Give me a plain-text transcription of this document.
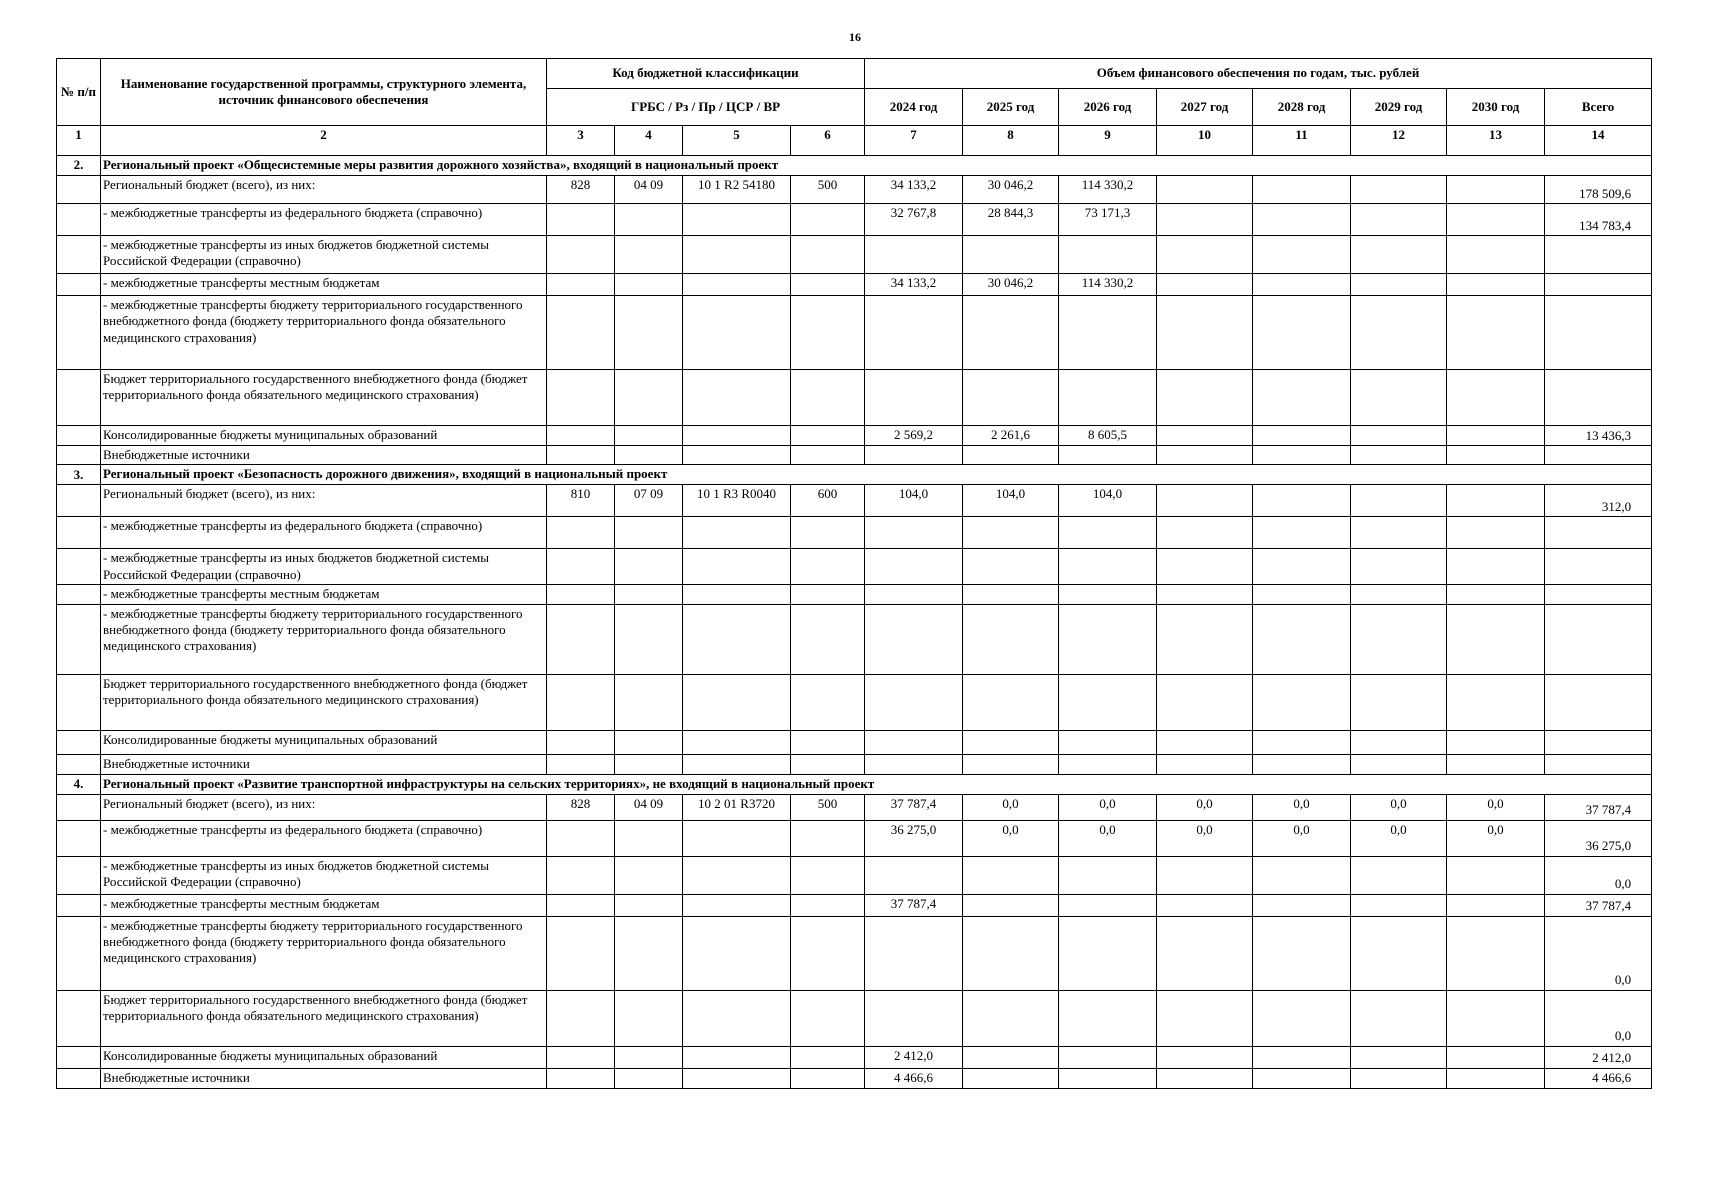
16
№ п/п	Наименование государственной программы, структурного элемента, источник финансового обеспечения	Код бюджетной классификации				Объем финансового обеспечения по годам, тыс. рублей							
		ГРБС / Рз / Пр / ЦСР / ВР				2024 год	2025 год	2026 год	2027 год	2028 год	2029 год	2030 год	Всего
1	2	3	4	5	6	7	8	9	10	11	12	13	14
2.	Региональный проект «Общесистемные меры развития дорожного хозяйства», входящий в национальный проект												
	Региональный бюджет (всего), из них:	828	04 09	10 1 R2 54180	500	34 133,2	30 046,2	114 330,2					178 509,6
	- межбюджетные трансферты из федерального бюджета (справочно)					32 767,8	28 844,3	73 171,3					134 783,4
	- межбюджетные трансферты из иных бюджетов бюджетной системы Российской Федерации (справочно)												
	- межбюджетные трансферты местным бюджетам					34 133,2	30 046,2	114 330,2					
	- межбюджетные трансферты бюджету территориального государственного внебюджетного фонда (бюджету территориального фонда обязательного медицинского страхования)												
	Бюджет территориального государственного внебюджетного фонда (бюджет территориального фонда обязательного медицинского страхования)												
	Консолидированные бюджеты муниципальных образований					2 569,2	2 261,6	8 605,5					13 436,3
	Внебюджетные источники												
3.	Региональный проект «Безопасность дорожного движения», входящий в национальный проект												
	Региональный бюджет (всего), из них:	810	07 09	10 1 R3 R0040	600	104,0	104,0	104,0					312,0
	- межбюджетные трансферты из федерального бюджета (справочно)												
	- межбюджетные трансферты из иных бюджетов бюджетной системы Российской Федерации (справочно)												
	- межбюджетные трансферты местным бюджетам												
	- межбюджетные трансферты бюджету территориального государственного внебюджетного фонда (бюджету территориального фонда обязательного медицинского страхования)												
	Бюджет территориального государственного внебюджетного фонда (бюджет территориального фонда обязательного медицинского страхования)												
	Консолидированные бюджеты муниципальных образований												
	Внебюджетные источники												
4.	Региональный проект «Развитие транспортной инфраструктуры на сельских территориях», не входящий в национальный проект												
	Региональный бюджет (всего), из них:	828	04 09	10 2 01 R3720	500	37 787,4	0,0	0,0	0,0	0,0	0,0	0,0	37 787,4
	- межбюджетные трансферты из федерального бюджета (справочно)					36 275,0	0,0	0,0	0,0	0,0	0,0	0,0	36 275,0
	- межбюджетные трансферты из иных бюджетов бюджетной системы Российской Федерации (справочно)												0,0
	- межбюджетные трансферты местным бюджетам					37 787,4							37 787,4
	- межбюджетные трансферты бюджету территориального государственного внебюджетного фонда (бюджету территориального фонда обязательного медицинского страхования)												0,0
	Бюджет территориального государственного внебюджетного фонда (бюджет территориального фонда обязательного медицинского страхования)												0,0
	Консолидированные бюджеты муниципальных образований					2 412,0							2 412,0
	Внебюджетные источники					4 466,6							4 466,6
